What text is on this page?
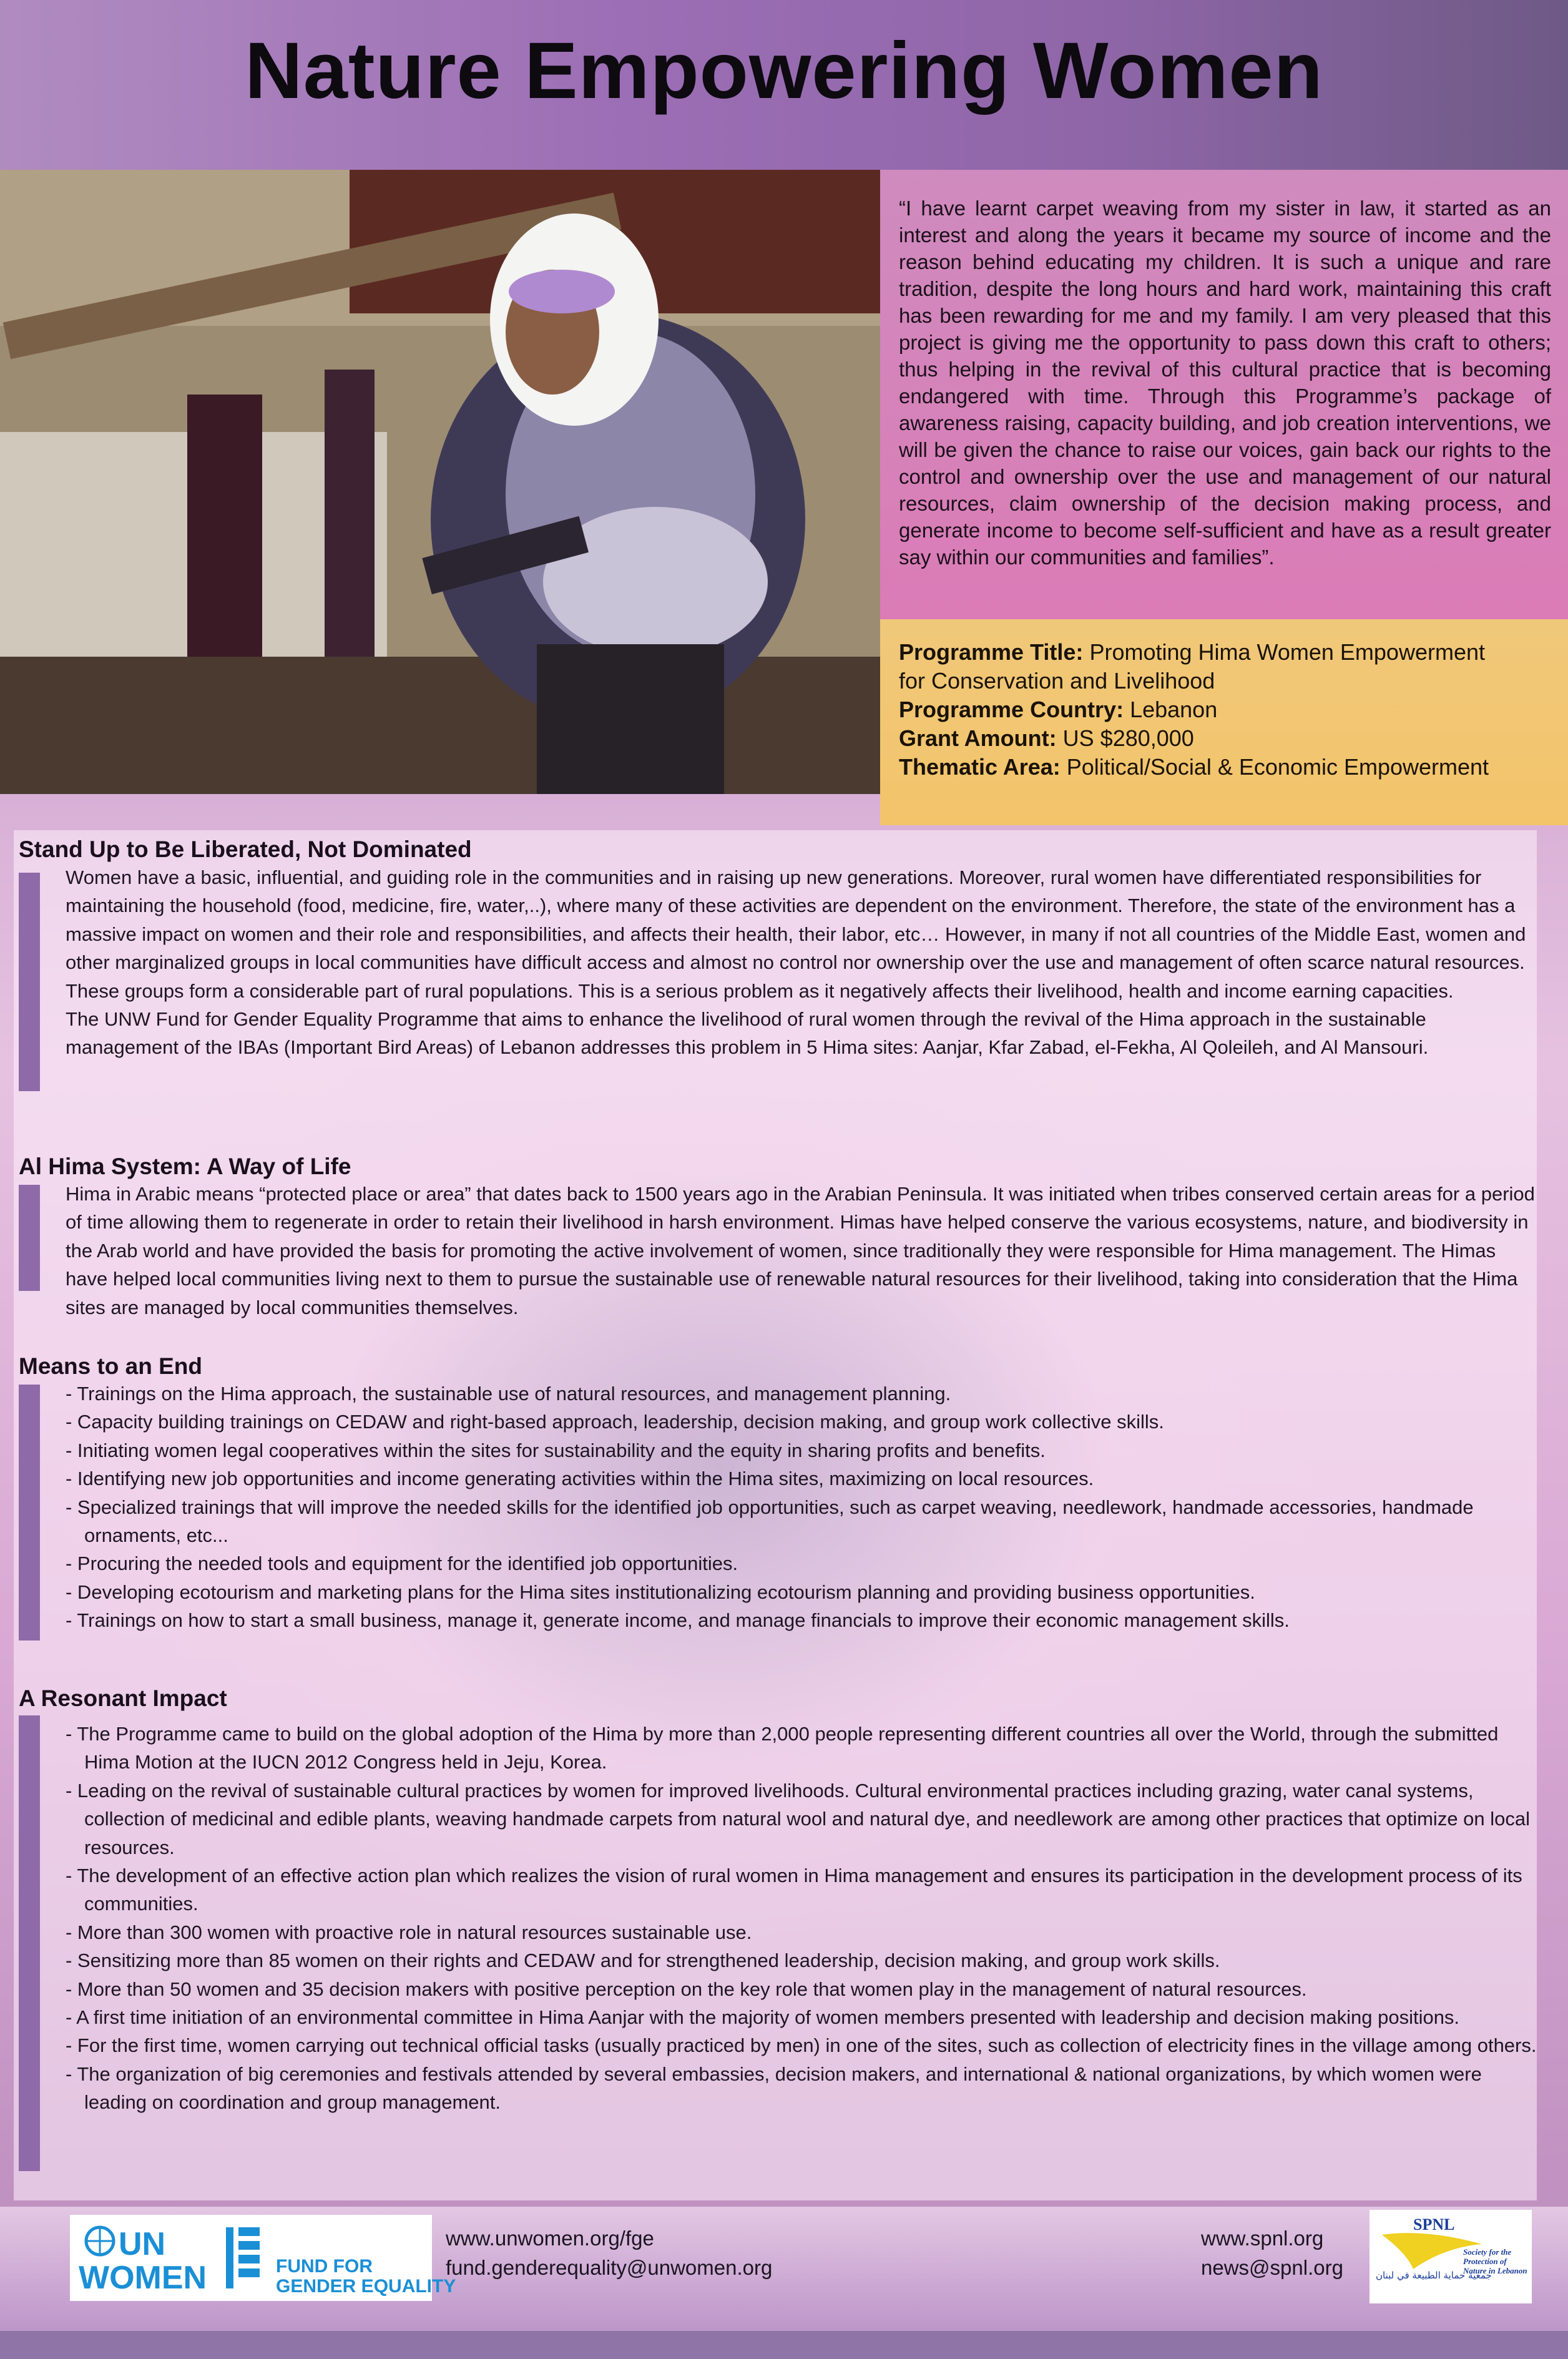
Nature Empowering Women
“I have learnt carpet weaving from my sister in law, it started as an interest and along the years it became my source of income and the reason behind educating my children. It is such a unique and rare tradition, despite the long hours and hard work, maintaining this craft has been rewarding for me and my family. I am very pleased that this project is giving me the opportunity to pass down this craft to others; thus helping in the revival of this cultural practice that is becoming endangered with time. Through this Programme’s package of awareness raising, capacity building, and job creation interventions, we will be given the chance to raise our voices, gain back our rights to the control and ownership over the use and management of our natural resources, claim ownership of the decision making process, and generate income to become self-sufficient and have as a result greater say within our communities and families”.
Programme Title: Promoting Hima Women Empowerment
for Conservation and Livelihood
Programme Country: Lebanon
Grant Amount: US $280,000
Thematic Area: Political/Social & Economic Empowerment
Stand Up to Be Liberated, Not Dominated

Women have a basic, influential, and guiding role in the communities and in raising up new generations. Moreover, rural women have differentiated responsibilities for maintaining the household (food, medicine, fire, water,..), where many of these activities are dependent on the environment. Therefore, the state of the environment has a massive impact on women and their role and responsibilities, and affects their health, their labor, etc… However, in many if not all countries of the Middle East, women and other marginalized groups in local communities have difficult access and almost no control nor ownership over the use and management of often scarce natural resources. These groups form a considerable part of rural populations. This is a serious problem as it negatively affects their livelihood, health and income earning capacities.

The UNW Fund for Gender Equality Programme that aims to enhance the livelihood of rural women through the revival of the Hima approach in the sustainable management of the IBAs (Important Bird Areas) of Lebanon addresses this problem in 5 Hima sites: Aanjar, Kfar Zabad, el-Fekha, Al Qoleileh, and Al Mansouri.

Al Hima System: A Way of Life

Hima in Arabic means “protected place or area” that dates back to 1500 years ago in the Arabian Peninsula. It was initiated when tribes conserved certain areas for a period of time allowing them to regenerate in order to retain their livelihood in harsh environment. Himas have helped conserve the various ecosystems, nature, and biodiversity in the Arab world and have provided the basis for promoting the active involvement of women, since traditionally they were responsible for Hima management. The Himas have helped local communities living next to them to pursue the sustainable use of renewable natural resources for their livelihood, taking into consideration that the Hima sites are managed by local communities themselves.

Means to an End

- Trainings on the Hima approach, the sustainable use of natural resources, and management planning.

- Capacity building trainings on CEDAW and right-based approach, leadership, decision making, and group work collective skills.

- Initiating women legal cooperatives within the sites for sustainability and the equity in sharing profits and benefits.

- Identifying new job opportunities and income generating activities within the Hima sites, maximizing on local resources.

- Specialized trainings that will improve the needed skills for the identified job opportunities, such as carpet weaving, needlework, handmade accessories, handmade ornaments, etc...

- Procuring the needed tools and equipment for the identified job opportunities.

- Developing ecotourism and marketing plans for the Hima sites institutionalizing ecotourism planning and providing business opportunities.

- Trainings on how to start a small business, manage it, generate income, and manage financials to improve their economic management skills.

A Resonant Impact

- The Programme came to build on the global adoption of the Hima by more than 2,000 people representing different countries all over the World, through the submitted Hima Motion at the IUCN 2012 Congress held in Jeju, Korea.

- Leading on the revival of sustainable cultural practices by women for improved livelihoods. Cultural environmental practices including grazing, water canal systems, collection of medicinal and edible plants, weaving handmade carpets from natural wool and natural dye, and needlework are among other practices that optimize on local resources.

- The development of an effective action plan which realizes the vision of rural women in Hima management and ensures its participation in the development process of its communities.

- More than 300 women with proactive role in natural resources sustainable use.

- Sensitizing more than 85 women on their rights and CEDAW and for strengthened leadership, decision making, and group work skills.

- More than 50 women and 35 decision makers with positive perception on the key role that women play in the management of natural resources.

- A first time initiation of an environmental committee in Hima Aanjar with the majority of women members presented with leadership and decision making positions.

- For the first time, women carrying out technical official tasks (usually practiced by men) in one of the sites, such as collection of electricity fines in the village among others.

- The organization of big ceremonies and festivals attended by several embassies, decision makers, and international & national organizations, by which women were leading on coordination and group management.

UN
WOMEN	FUND FOR
GENDER EQUALITY
www.unwomen.org/fge
fund.genderequality@unwomen.org
www.spnl.org
news@spnl.org
SPNL
جمعية حماية الطبيعة في لبنان
Society for the Protection of Nature in Lebanon
